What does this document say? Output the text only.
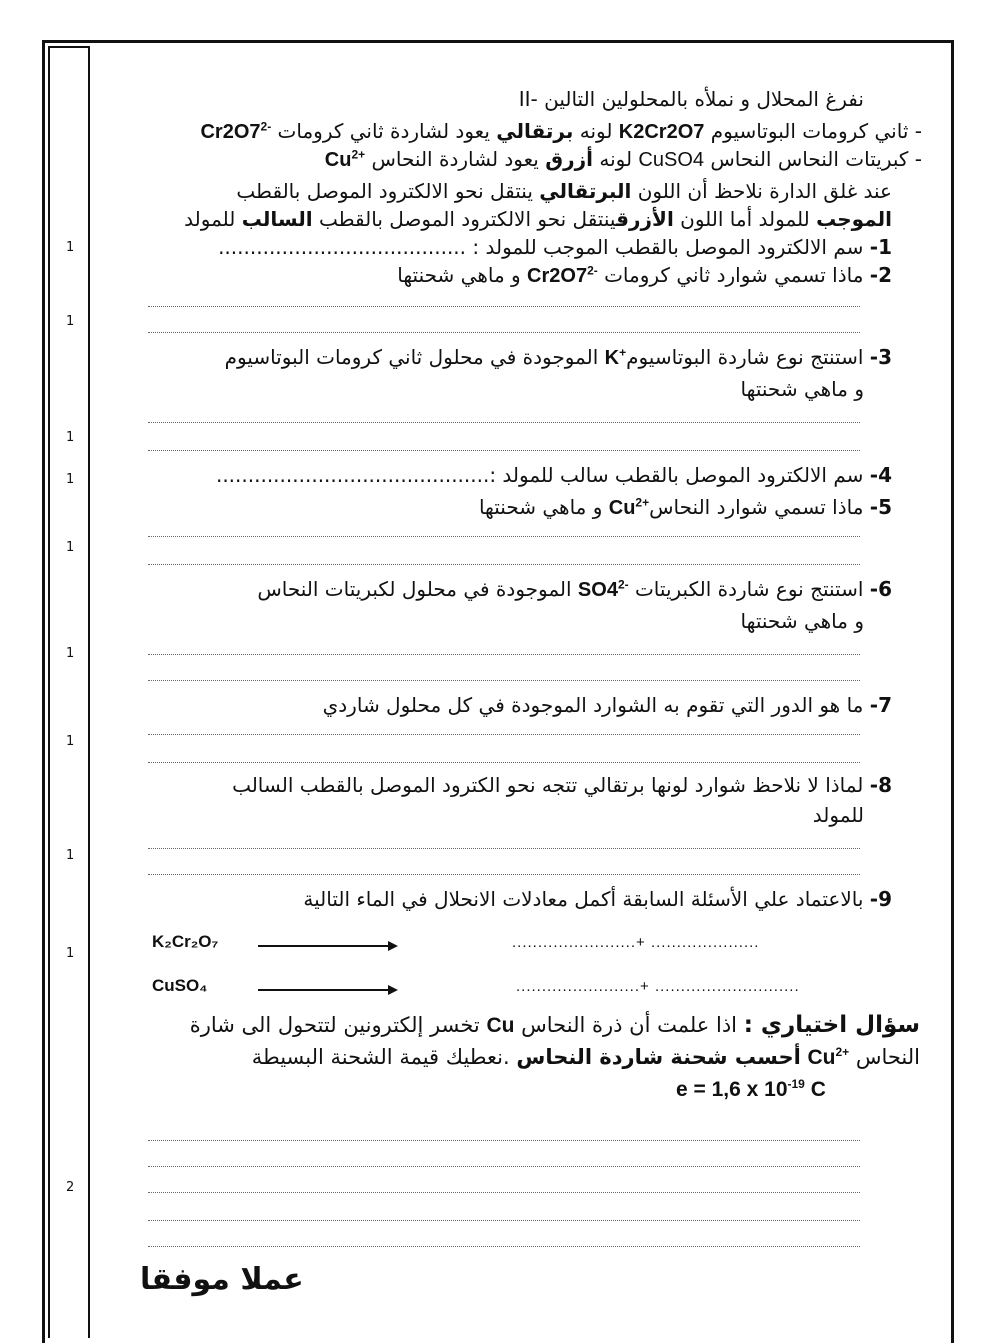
1
1
1
1
1
1
1
1
1
2
II- نفرغ المحلال و نملأه بالمحلولين التالين
- ثاني كرومات البوتاسيوم K2Cr2O7 لونه برتقالي يعود لشاردة ثاني كرومات $Cr2O7^{2-}$
- كبريتات النحاس النحاس CuSO4 لونه أزرق يعود لشاردة النحاس $Cu^{2+}$
عند غلق الدارة نلاحظ أن اللون البرتقالي ينتقل نحو الالكترود الموصل بالقطب
الموجب للمولد أما اللون الأزرقينتقل نحو الالكترود الموصل بالقطب السالب للمولد
1- سم الالكترود الموصل بالقطب الموجب للمولد : .......................................
2- ماذا تسمي شوارد ثاني كرومات $Cr2O7^{2-}$ و ماهي شحنتها
3- استنتج نوع شاردة البوتاسيومK+ الموجودة في محلول ثاني كرومات البوتاسيوم
و ماهي شحنتها
4- سم الالكترود الموصل بالقطب سالب للمولد :...........................................
5- ماذا تسمي شوارد النحاسCu$^{2+}$ و ماهي شحنتها
6- استنتج نوع شاردة الكبريتات $SO4^{2-}$ الموجودة في محلول لكبريتات النحاس
و ماهي شحنتها
7- ما هو الدور التي تقوم به الشوارد الموجودة في كل محلول شاردي
8- لماذا لا نلاحظ شوارد لونها برتقالي تتجه نحو الكترود الموصل بالقطب السالب
للمولد
9- بالاعتماد علي الأسئلة السابقة أكمل معادلات الانحلال في الماء التالية
K₂Cr₂O₇	........................+ .....................
CuSO₄	........................+ ............................
سؤال اختياري : اذا علمت أن ذرة النحاس Cu تخسر إلكترونين لتتحول الى شارة
النحاس $Cu^{2+}$ أحسب شحنة شاردة النحاس .نعطيك قيمة الشحنة البسيطة
e = 1,6 x $10^{-19}$ C
عملا موفقا
